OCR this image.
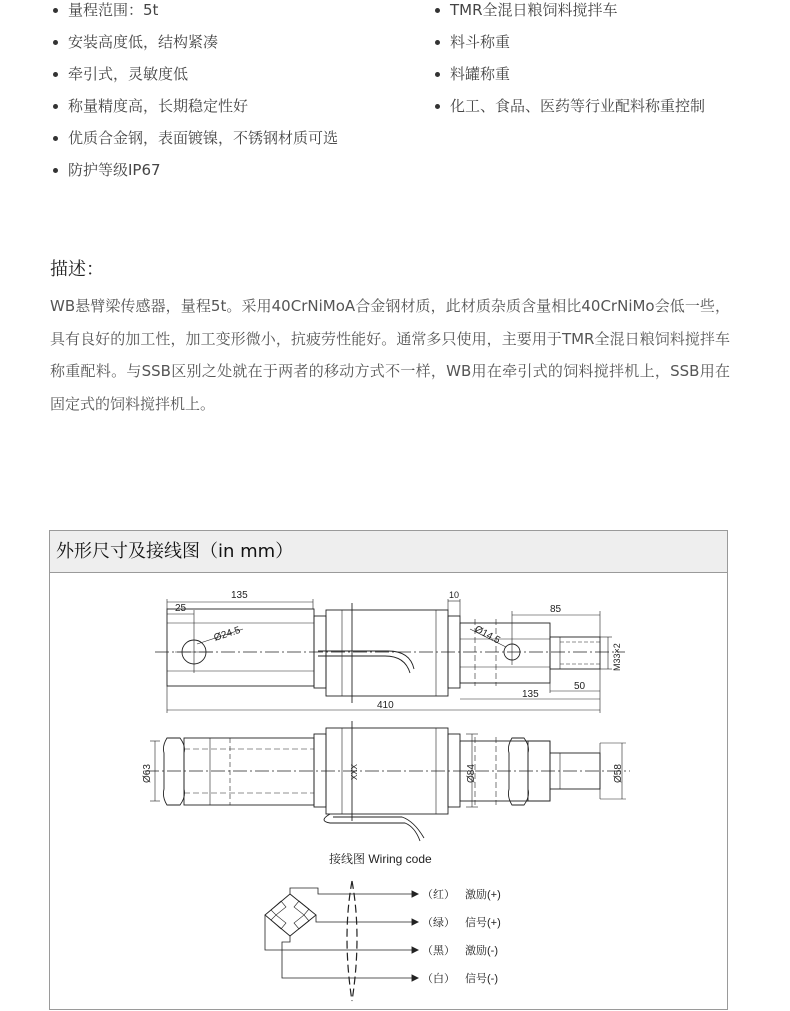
量程范围：5t
安装高度低，结构紧凑
牵引式，灵敏度低
称量精度高，长期稳定性好
优质合金钢，表面镀镍，不锈钢材质可选
防护等级IP67
TMR全混日粮饲料搅拌车
料斗称重
料罐称重
化工、食品、医药等行业配料称重控制
描述：

WB悬臂梁传感器，量程5t。采用40CrNiMoA合金钢材质，此材质杂质含量相比40CrNiMo会低一些，具有良好的加工性，加工变形微小，抗疲劳性能好。通常多只使用，主要用于TMR全混日粮饲料搅拌车称重配料。与SSB区别之处就在于两者的移动方式不一样，WB用在牵引式的饲料搅拌机上，SSB用在固定式的饲料搅拌机上。

外形尺寸及接线图（in mm）
135
25
Ø24.5
10
85
Ø14.5
M33×2
135
50
410
Ø63	Ø84	Ø58
XXX
接线图 Wiring code
（红） 激励(+)
（绿） 信号(+)
（黑） 激励(-)
（白） 信号(-)
